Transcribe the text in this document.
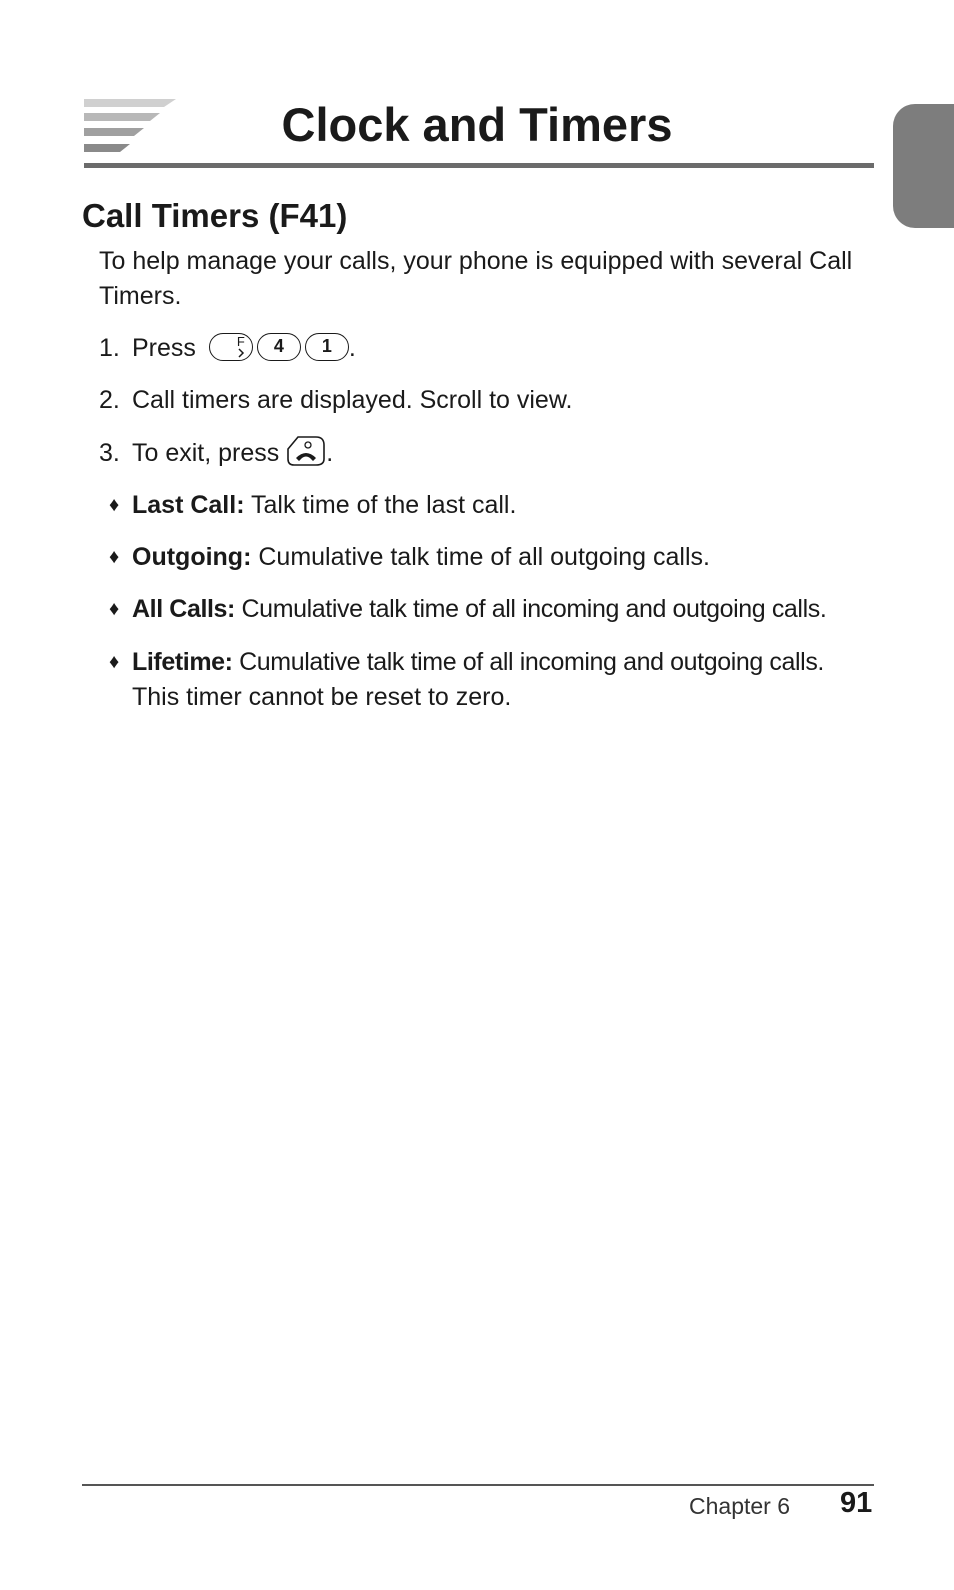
Clock and Timers
Call Timers (F41)
To help manage your calls, your phone is equipped with several Call Timers.
1. Press	F 4 1 .
2. Call timers are displayed. Scroll to view.
3. To exit, press .
♦ Last Call: Talk time of the last call.
♦ Outgoing: Cumulative talk time of all outgoing calls.
♦ All Calls: Cumulative talk time of all incoming and outgoing calls.
♦ Lifetime: Cumulative talk time of all incoming and outgoing calls.
This timer cannot be reset to zero.
Chapter 6 91
